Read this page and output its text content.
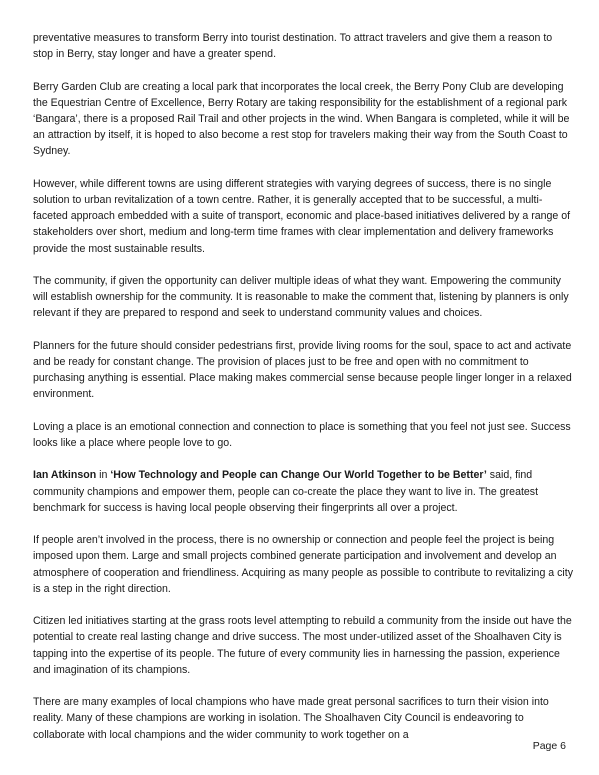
preventative measures to transform Berry into tourist destination. To attract travelers and give them a reason to stop in Berry, stay longer and have a greater spend.

Berry Garden Club are creating a local park that incorporates the local creek, the Berry Pony Club are developing the Equestrian Centre of Excellence, Berry Rotary are taking responsibility for the establishment of a regional park ‘Bangara’, there is a proposed Rail Trail and other projects in the wind. When Bangara is completed, while it will be an attraction by itself, it is hoped to also become a rest stop for travelers making their way from the South Coast to Sydney.

However, while different towns are using different strategies with varying degrees of success, there is no single solution to urban revitalization of a town centre. Rather, it is generally accepted that to be successful, a multi-faceted approach embedded with a suite of transport, economic and place-based initiatives delivered by a range of stakeholders over short, medium and long-term time frames with clear implementation and delivery frameworks provide the most sustainable results.

The community, if given the opportunity can deliver multiple ideas of what they want. Empowering the community will establish ownership for the community. It is reasonable to make the comment that, listening by planners is only relevant if they are prepared to respond and seek to understand community values and choices.

Planners for the future should consider pedestrians first, provide living rooms for the soul, space to act and activate and be ready for constant change. The provision of places just to be free and open with no commitment to purchasing anything is essential. Place making makes commercial sense because people linger longer in a relaxed environment.

Loving a place is an emotional connection and connection to place is something that you feel not just see. Success looks like a place where people love to go.

Ian Atkinson in ‘How Technology and People can Change Our World Together to be Better’ said, find community champions and empower them, people can co-create the place they want to live in. The greatest benchmark for success is having local people observing their fingerprints all over a project.

If people aren’t involved in the process, there is no ownership or connection and people feel the project is being imposed upon them. Large and small projects combined generate participation and involvement and develop an atmosphere of cooperation and friendliness. Acquiring as many people as possible to contribute to revitalizing a city is a step in the right direction.

Citizen led initiatives starting at the grass roots level attempting to rebuild a community from the inside out have the potential to create real lasting change and drive success. The most under-utilized asset of the Shoalhaven City is tapping into the expertise of its people. The future of every community lies in harnessing the passion, experience and imagination of its champions.

There are many examples of local champions who have made great personal sacrifices to turn their vision into reality. Many of these champions are working in isolation. The Shoalhaven City Council is endeavoring to collaborate with local champions and the wider community to work together on a

Page 6
